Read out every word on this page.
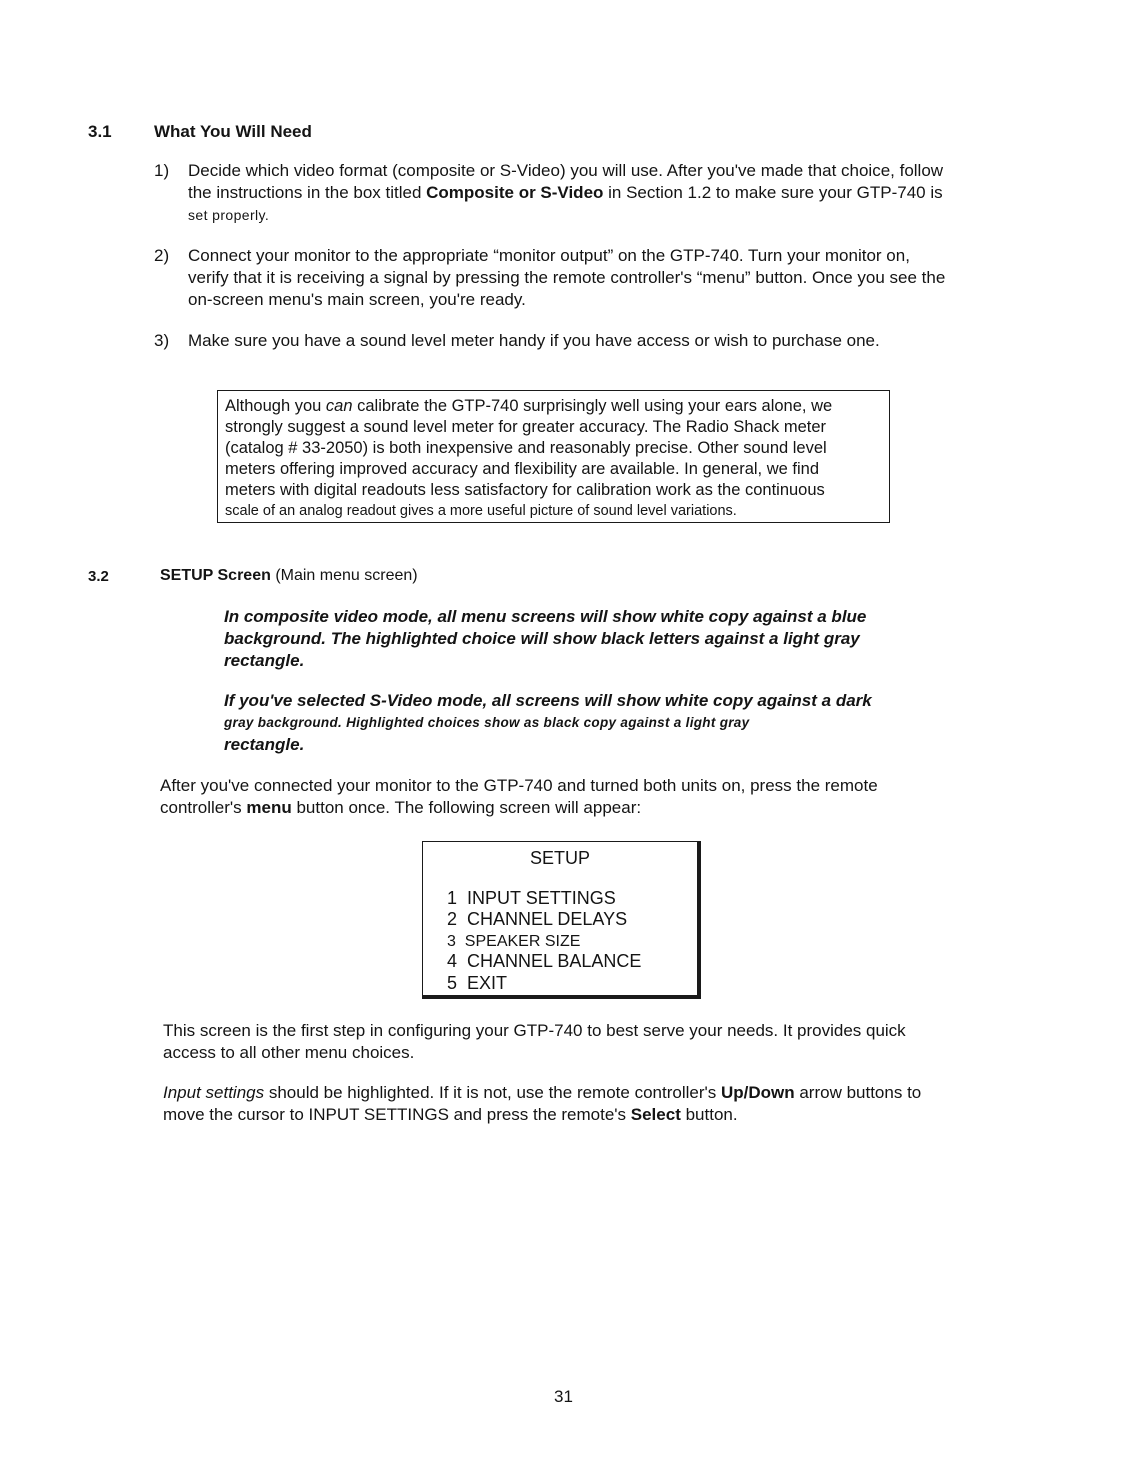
3.1 What You Will Need
1) Decide which video format (composite or S-Video) you will use. After you've made that choice, follow
the instructions in the box titled Composite or S-Video in Section 1.2 to make sure your GTP-740 is
set properly.
2) Connect your monitor to the appropriate “monitor output” on the GTP-740. Turn your monitor on,
verify that it is receiving a signal by pressing the remote controller's “menu” button. Once you see the
on-screen menu's main screen, you're ready.
3) Make sure you have a sound level meter handy if you have access or wish to purchase one.
Although you can calibrate the GTP-740 surprisingly well using your ears alone, we
strongly suggest a sound level meter for greater accuracy. The Radio Shack meter
(catalog # 33-2050) is both inexpensive and reasonably precise. Other sound level
meters offering improved accuracy and flexibility are available. In general, we find
meters with digital readouts less satisfactory for calibration work as the continuous
scale of an analog readout gives a more useful picture of sound level variations.
3.2	SETUP Screen (Main menu screen)
In composite video mode, all menu screens will show white copy against a blue
background. The highlighted choice will show black letters against a light gray
rectangle.
If you've selected S-Video mode, all screens will show white copy against a dark
gray background. Highlighted choices show as black copy against a light gray
rectangle.
After you've connected your monitor to the GTP-740 and turned both units on, press the remote
controller's menu button once. The following screen will appear:
SETUP
1 INPUT SETTINGS
2 CHANNEL DELAYS
3 SPEAKER SIZE
4 CHANNEL BALANCE
5 EXIT
This screen is the first step in configuring your GTP-740 to best serve your needs. It provides quick
access to all other menu choices.
Input settings should be highlighted. If it is not, use the remote controller's Up/Down arrow buttons to
move the cursor to INPUT SETTINGS and press the remote's Select button.
31
